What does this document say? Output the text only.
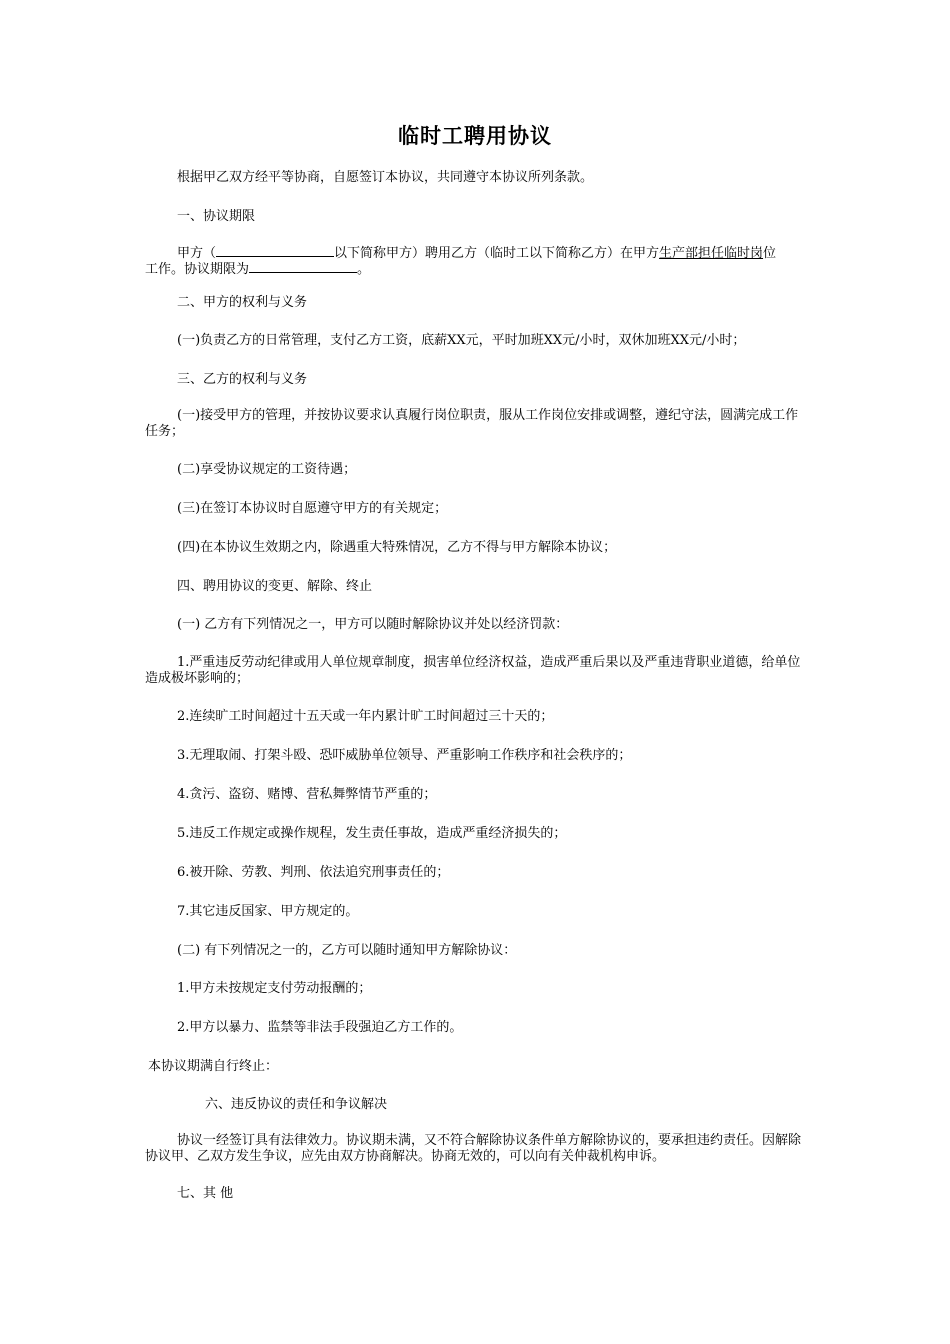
临时工聘用协议
根据甲乙双方经平等协商，自愿签订本协议，共同遵守本协议所列条款。
一、协议期限
甲方（	以下简称甲方）聘用乙方（临时工以下简称乙方）在甲方生产部担任临时岗位
工作。协议期限为	。
二、甲方的权利与义务
(一)负责乙方的日常管理，支付乙方工资，底薪XX元，平时加班XX元/小时，双休加班XX元/小时；
三、乙方的权利与义务
(一)接受甲方的管理，并按协议要求认真履行岗位职责，服从工作岗位安排或调整，遵纪守法，圆满完成工作任务；
(二)享受协议规定的工资待遇；
(三)在签订本协议时自愿遵守甲方的有关规定；
(四)在本协议生效期之内，除遇重大特殊情况，乙方不得与甲方解除本协议；
四、聘用协议的变更、解除、终止
(一) 乙方有下列情况之一，甲方可以随时解除协议并处以经济罚款：
1.严重违反劳动纪律或用人单位规章制度，损害单位经济权益，造成严重后果以及严重违背职业道德，给单位造成极坏影响的；
2.连续旷工时间超过十五天或一年内累计旷工时间超过三十天的；
3.无理取闹、打架斗殴、恐吓威胁单位领导、严重影响工作秩序和社会秩序的；
4.贪污、盗窃、赌博、营私舞弊情节严重的；
5.违反工作规定或操作规程，发生责任事故，造成严重经济损失的；
6.被开除、劳教、判刑、依法追究刑事责任的；
7.其它违反国家、甲方规定的。
(二) 有下列情况之一的，乙方可以随时通知甲方解除协议：
1.甲方未按规定支付劳动报酬的；
2.甲方以暴力、监禁等非法手段强迫乙方工作的。
本协议期满自行终止：
六、违反协议的责任和争议解决
协议一经签订具有法律效力。协议期未满，又不符合解除协议条件单方解除协议的，要承担违约责任。因解除协议甲、乙双方发生争议，应先由双方协商解决。协商无效的，可以向有关仲裁机构申诉。
七、其 他
